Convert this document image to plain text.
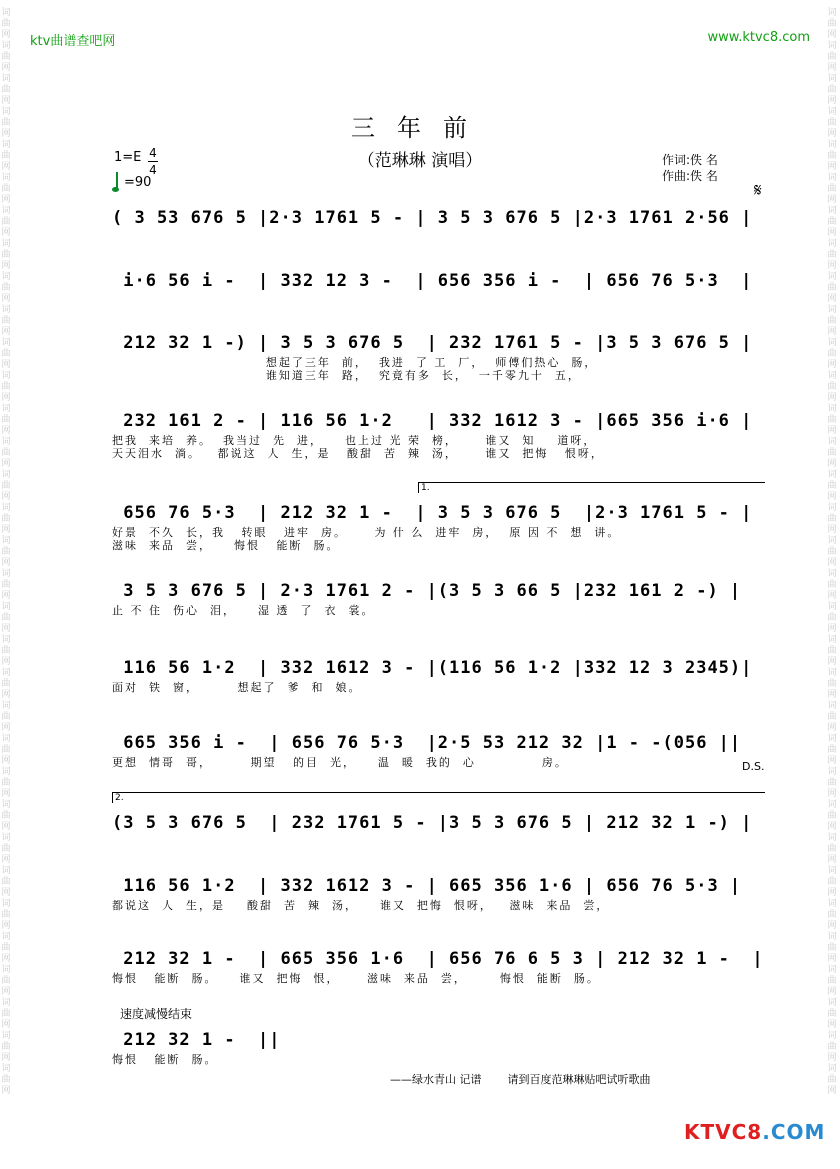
词曲网词曲网词曲网词曲网词曲网词曲网词曲网词曲网词曲网词曲网词曲网词曲网词曲网词曲网词曲网词曲网词曲网词曲网词曲网词曲网词曲网词曲网词曲网词曲网词曲网词曲网词曲网词曲网词曲网词曲网词曲网词曲网词曲网
词曲网词曲网词曲网词曲网词曲网词曲网词曲网词曲网词曲网词曲网词曲网词曲网词曲网词曲网词曲网词曲网词曲网词曲网词曲网词曲网词曲网词曲网词曲网词曲网词曲网词曲网词曲网词曲网词曲网词曲网词曲网词曲网词曲网
ktv曲谱查吧网	www.ktvc8.com
三年前
（范琳琳 演唱）
1=E 4
4
=90
作词:佚 名
作曲:佚 名
𝄋
( 3 53 676 5 |2·3 1761 5 - | 3 5 3 676 5 |2·3 1761 2·56 |
i·6 56 i -  | 332 12 3 -  | 656 356 i -  | 656 76 5·3  |
212 32 1 -) | 3 5 3 676 5  | 232 1761 5 - |3 5 3 676 5 |
想起了三年  前，  我进  了 工  厂，  师傅们热心  肠，
谁知道三年  路，  究竟有多  长，  一千零九十  五，
232 161 2 - | 116 56 1·2   | 332 1612 3 - |665 356 i·6 |
把我  来培  养。  我当过  先  进，    也上过 光 荣  榜，     谁又  知    道呀，
天天泪水  淌。   都说这  人  生，是   酸甜  苦  辣  汤，     谁又  把悔   恨呀，
656 76 5·3  | 212 32 1 -  | 3 5 3 676 5  |2·3 1761 5 - |
好景  不久  长，我   转眼   进牢  房。     为 什 么  进牢  房，  原 因 不  想  讲。
滋味  来品  尝，    悔恨   能断  肠。
3 5 3 676 5 | 2·3 1761 2 - |(3 5 3 66 5 |232 161 2 -) |
止 不 住  伤心  泪，    湿 透  了  衣  裳。
116 56 1·2  | 332 1612 3 - |(116 56 1·2 |332 12 3 2345)|
面对  铁  窗，       想起了  爹  和  娘。
665 356 i -  | 656 76 5·3  |2·5 53 212 32 |1 - -(056 ||
更想  情哥  哥，       期望   的目  光，    温  暖  我的  心            房。
(3 5 3 676 5  | 232 1761 5 - |3 5 3 676 5 | 212 32 1 -) |
116 56 1·2  | 332 1612 3 - | 665 356 1·6 | 656 76 5·3 |
都说这  人  生，是    酸甜  苦  辣  汤，    谁又  把悔  恨呀，   滋味  来品  尝，
212 32 1 -  | 665 356 1·6  | 656 76 6 5 3 | 212 32 1 -  |
悔恨   能断  肠。    谁又  把悔  恨，     滋味  来品  尝，      悔恨  能断  肠。
212 32 1 -  ||
悔恨   能断  肠。
1.
2.
D.S.
速度减慢结束
——绿水青山 记谱 请到百度范琳琳贴吧试听歌曲
KTVC8.COM
